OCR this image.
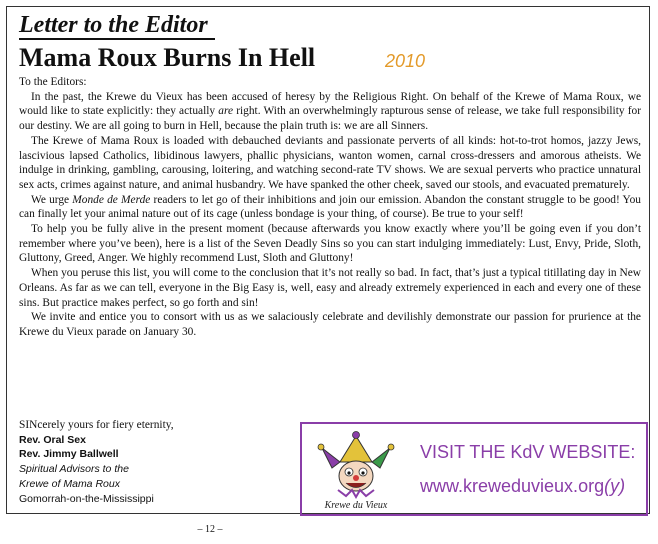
Letter to the Editor
Mama Roux Burns In Hell	2010

To the Editors:

In the past, the Krewe du Vieux has been accused of heresy by the Religious Right. On behalf of the Krewe of Mama Roux, we would like to state explicitly: they actually are right. With an overwhelmingly rapturous sense of release, we take full responsibility for our destiny. We are all going to burn in Hell, because the plain truth is: we are all Sinners.

The Krewe of Mama Roux is loaded with debauched deviants and passionate perverts of all kinds: hot-to-trot homos, jazzy Jews, lascivious lapsed Catholics, libidinous lawyers, phallic physicians, wanton women, carnal cross-dressers and amorous atheists. We indulge in drinking, gambling, carousing, loitering, and watching second-rate TV shows. We are sexual perverts who practice unnatural sex acts, crimes against nature, and animal husbandry. We have spanked the other cheek, saved our stools, and evacuated prematurely.

We urge Monde de Merde readers to let go of their inhibitions and join our emission. Abandon the constant struggle to be good! You can finally let your animal nature out of its cage (unless bondage is your thing, of course). Be true to your self!

To help you be fully alive in the present moment (because afterwards you know exactly where you’ll be going even if you don’t remember where you’ve been), here is a list of the Seven Deadly Sins so you can start indulging immediately: Lust, Envy, Pride, Sloth, Gluttony, Greed, Anger. We highly recommend Lust, Sloth and Gluttony!

When you peruse this list, you will come to the conclusion that it’s not really so bad. In fact, that’s just a typical titillating day in New Orleans. As far as we can tell, everyone in the Big Easy is, well, easy and already extremely experienced in each and every one of these sins. But practice makes perfect, so go forth and sin!

We invite and entice you to consort with us as we salaciously celebrate and devilishly demonstrate our passion for prurience at the Krewe du Vieux parade on January 30.

SINcerely yours for fiery eternity,
Rev. Oral Sex
Rev. Jimmy Ballwell
Spiritual Advisors to the
Krewe of Mama Roux
Gomorrah-on-the-Mississippi
Krewe du Vieux
VISIT THE KdV WEBSITE:
www.kreweduvieux.org(y)
– 12 –
